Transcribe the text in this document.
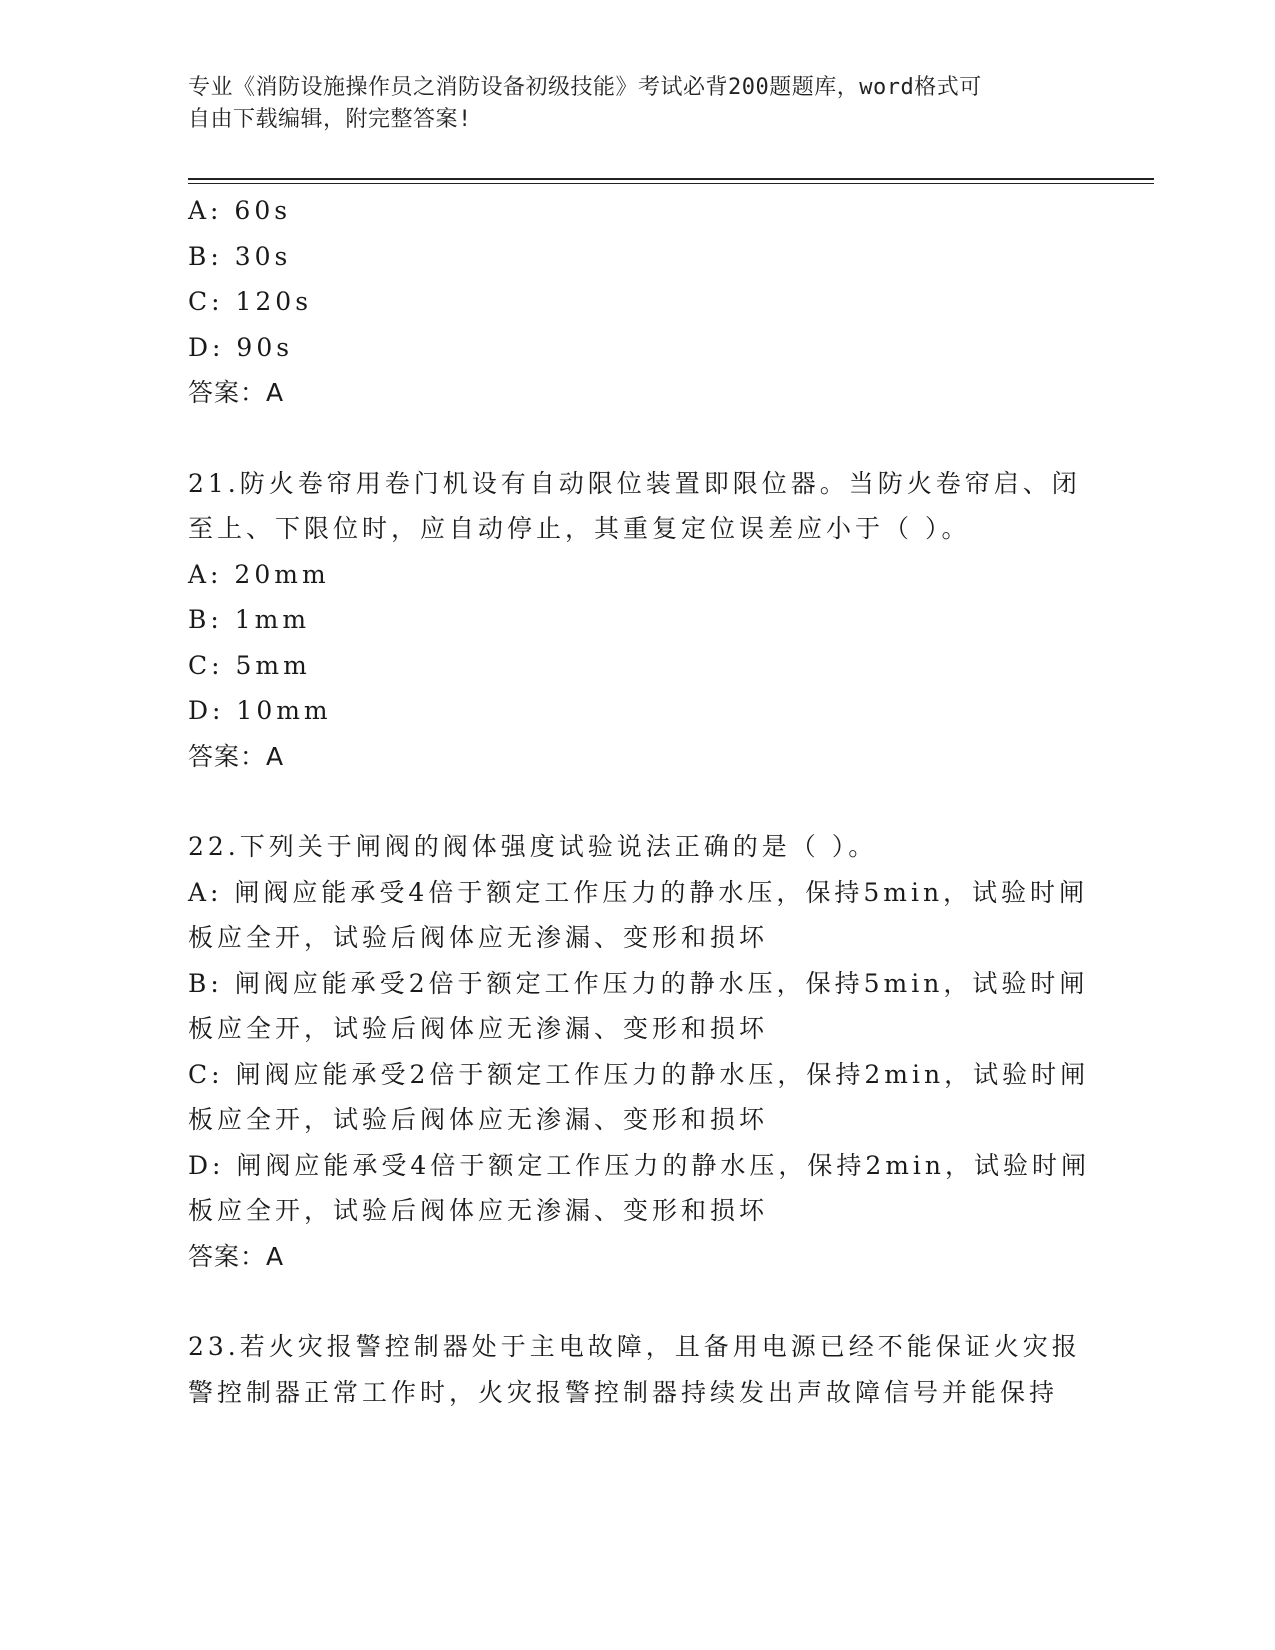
专业《消防设施操作员之消防设备初级技能》考试必背200题题库，word格式可
自由下载编辑，附完整答案!
A: 60s
B: 30s
C: 120s
D: 90s
答案：A
21.防火卷帘用卷门机设有自动限位装置即限位器。当防火卷帘启、闭
至上、下限位时，应自动停止，其重复定位误差应小于（ ）。
A: 20mm
B: 1mm
C: 5mm
D: 10mm
答案：A
22.下列关于闸阀的阀体强度试验说法正确的是（ ）。
A: 闸阀应能承受4倍于额定工作压力的静水压，保持5min，试验时闸
板应全开，试验后阀体应无渗漏、变形和损坏
B: 闸阀应能承受2倍于额定工作压力的静水压，保持5min，试验时闸
板应全开，试验后阀体应无渗漏、变形和损坏
C: 闸阀应能承受2倍于额定工作压力的静水压，保持2min，试验时闸
板应全开，试验后阀体应无渗漏、变形和损坏
D: 闸阀应能承受4倍于额定工作压力的静水压，保持2min，试验时闸
板应全开，试验后阀体应无渗漏、变形和损坏
答案：A
23.若火灾报警控制器处于主电故障，且备用电源已经不能保证火灾报
警控制器正常工作时，火灾报警控制器持续发出声故障信号并能保持
